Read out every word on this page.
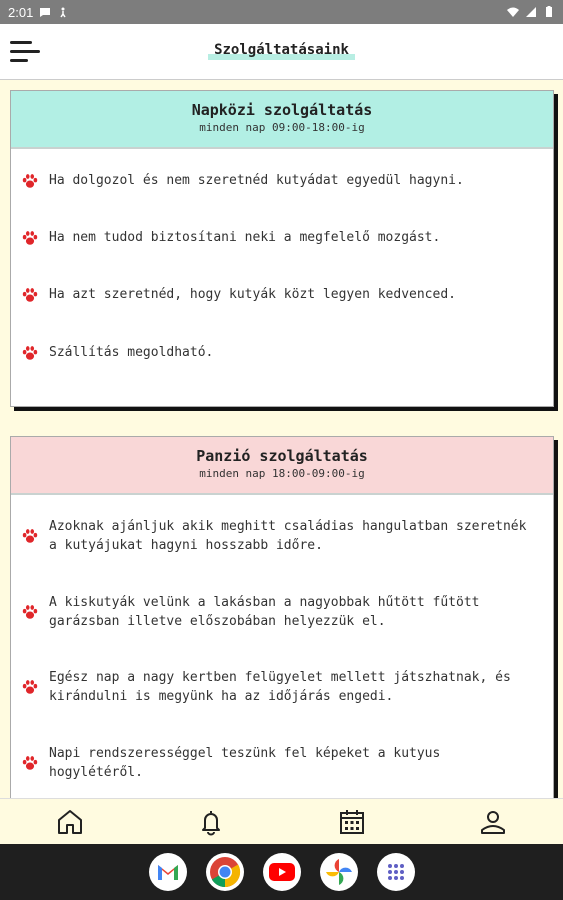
2:01
Szolgáltatásaink
Napközi szolgáltatás
minden nap 09:00-18:00-ig
Ha dolgozol és nem szeretnéd kutyádat egyedül hagyni.
Ha nem tudod biztosítani neki a megfelelő mozgást.
Ha azt szeretnéd, hogy kutyák közt legyen kedvenced.
Szállítás megoldható.
Panzió szolgáltatás
minden nap 18:00-09:00-ig
Azoknak ajánljuk akik meghitt családias hangulatban szeretnék a kutyájukat hagyni hosszabb időre.
A kiskutyák velünk a lakásban a nagyobbak hűtött fűtött garázsban illetve előszobában helyezzük el.
Egész nap a nagy kertben felügyelet mellett játszhatnak, és kirándulni is megyünk ha az időjárás engedi.
Napi rendszerességgel teszünk fel képeket a kutyus hogylétéről.
